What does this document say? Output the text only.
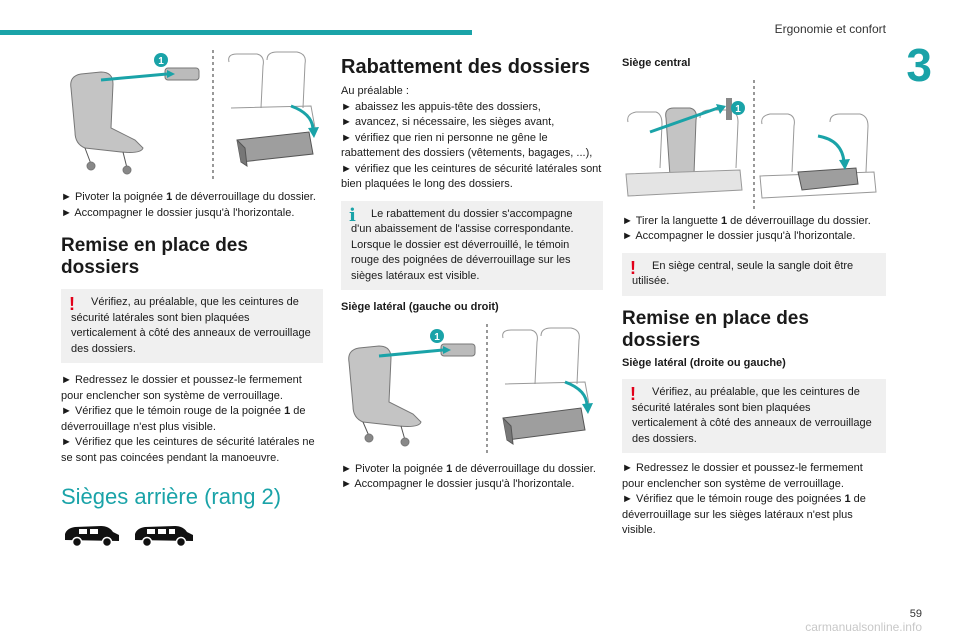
Ergonomie et confort
3
1

► Pivoter la poignée 1 de déverrouillage du dossier.

► Accompagner le dossier jusqu'à l'horizontale.

Remise en place des dossiers
!	Vérifiez, au préalable, que les ceintures de sécurité latérales sont bien plaquées verticalement à côté des anneaux de verrouillage des dossiers.

► Redressez le dossier et poussez-le fermement pour enclencher son système de verrouillage.

► Vérifiez que le témoin rouge de la poignée 1 de déverrouillage n'est plus visible.

► Vérifiez que les ceintures de sécurité latérales ne se sont pas coincées pendant la manoeuvre.

Sièges arrière (rang 2)

Rabattement des dossiers

Au préalable :

► abaissez les appuis-tête des dossiers,

► avancez, si nécessaire, les sièges avant,

► vérifiez que rien ni personne ne gêne le rabattement des dossiers (vêtements, bagages, ...),

► vérifiez que les ceintures de sécurité latérales sont bien plaquées le long des dossiers.

i	Le rabattement du dossier s'accompagne d'un abaissement de l'assise correspondante.

Lorsque le dossier est déverrouillé, le témoin rouge des poignées de déverrouillage sur les sièges latéraux est visible.

Siège latéral (gauche ou droit)
1

► Pivoter la poignée 1 de déverrouillage du dossier.

► Accompagner le dossier jusqu'à l'horizontale.

Siège central
1

► Tirer la languette 1 de déverrouillage du dossier.

► Accompagner le dossier jusqu'à l'horizontale.

!	En siège central, seule la sangle doit être utilisée.

Remise en place des dossiers
Siège latéral (droite ou gauche)
!	Vérifiez, au préalable, que les ceintures de sécurité latérales sont bien plaquées verticalement à côté des anneaux de verrouillage des dossiers.

► Redressez le dossier et poussez-le fermement pour enclencher son système de verrouillage.

► Vérifiez que le témoin rouge des poignées 1 de déverrouillage sur les sièges latéraux n'est plus visible.

59
carmanualsonline.info
